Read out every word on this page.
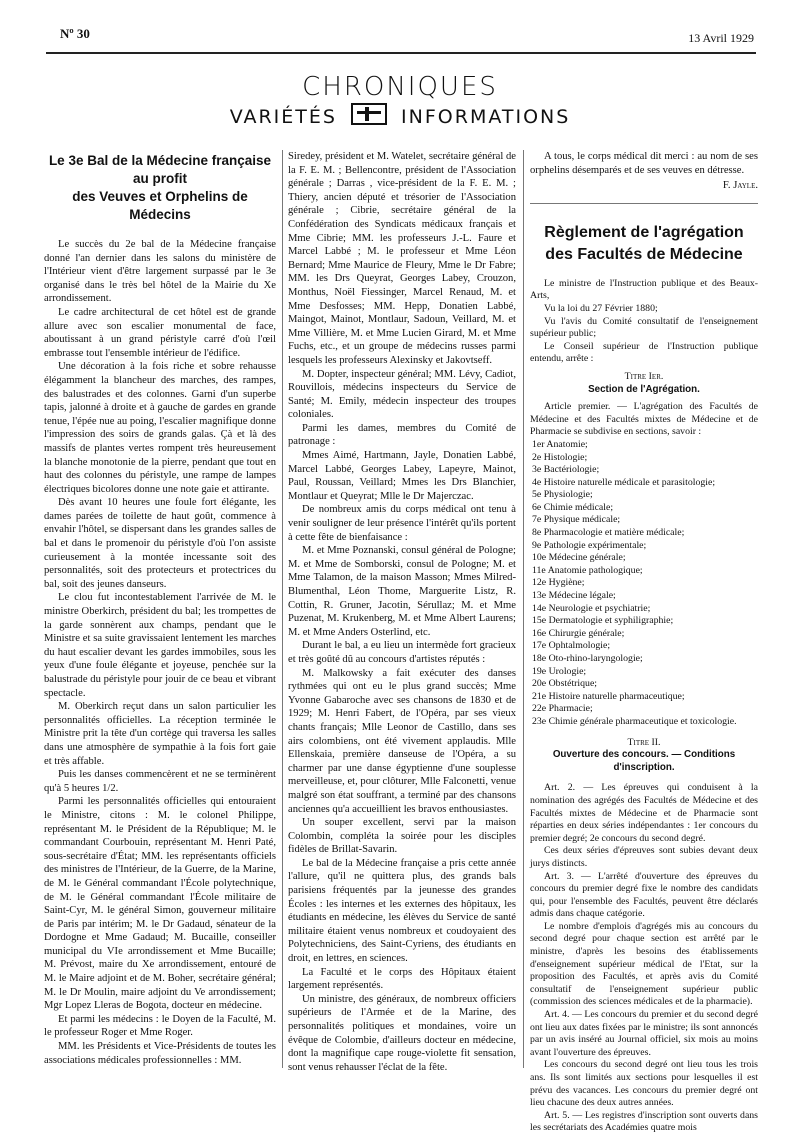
Nº 30	13 Avril 1929
CHRONIQUES
VARIÉTÉS	INFORMATIONS
Le 3e Bal de la Médecine française
au profit
des Veuves et Orphelins de Médecins

Le succès du 2e bal de la Médecine française donné l'an dernier dans les salons du ministère de l'Intérieur vient d'être largement surpassé par le 3e organisé dans le très bel hôtel de la Mairie du Xe arrondissement.

Le cadre architectural de cet hôtel est de grande allure avec son escalier monumental de face, aboutissant à un grand péristyle carré d'où l'œil embrasse tout l'ensemble intérieur de l'édifice.

Une décoration à la fois riche et sobre rehausse élégamment la blancheur des marches, des rampes, des balustrades et des colonnes. Garni d'un superbe tapis, jalonné à droite et à gauche de gardes en grande tenue, l'épée nue au poing, l'escalier magnifique donne l'impression des soirs de grands galas. Çà et là des massifs de plantes vertes rompent très heureusement la blanche monotonie de la pierre, pendant que tout en haut des colonnes du péristyle, une rampe de lampes électriques bicolores donne une note gaie et attirante.

Dès avant 10 heures une foule fort élégante, les dames parées de toilette de haut goût, commence à envahir l'hôtel, se dispersant dans les grandes salles de bal et dans le promenoir du péristyle d'où l'on assiste curieusement à la montée incessante soit des personnalités, soit des protecteurs et protectrices du bal, soit des jeunes danseurs.

Le clou fut incontestablement l'arrivée de M. le ministre Oberkirch, président du bal; les trompettes de la garde sonnèrent aux champs, pendant que le Ministre et sa suite gravissaient lentement les marches du haut escalier devant les gardes immobiles, sous les yeux d'une foule élégante et joyeuse, penchée sur la balustrade du péristyle pour jouir de ce beau et vibrant spectacle.

M. Oberkirch reçut dans un salon particulier les personnalités officielles. La réception terminée le Ministre prit la tête d'un cortège qui traversa les salles dans une atmosphère de sympathie à la fois fort gaie et très affable.

Puis les danses commencèrent et ne se terminèrent qu'à 5 heures 1/2.

Parmi les personnalités officielles qui entouraient le Ministre, citons : M. le colonel Philippe, représentant M. le Président de la République; M. le commandant Courbouin, représentant M. Henri Paté, sous-secrétaire d'État; MM. les représentants officiels des ministres de l'Intérieur, de la Guerre, de la Marine, de M. le Général commandant l'École polytechnique, de M. le Général commandant l'École militaire de Saint-Cyr, M. le général Simon, gouverneur militaire de Paris par intérim; M. le Dr Gadaud, sénateur de la Dordogne et Mme Gadaud; M. Bucaille, conseiller municipal du VIe arrondissement et Mme Bucaille; M. Prévost, maire du Xe arrondissement, entouré de M. le Maire adjoint et de M. Boher, secrétaire général; M. le Dr Moulin, maire adjoint du Ve arrondissement; Mgr Lopez Lleras de Bogota, docteur en médecine.

Et parmi les médecins : le Doyen de la Faculté, M. le professeur Roger et Mme Roger.

MM. les Présidents et Vice-Présidents de toutes les associations médicales professionnelles : MM.

Siredey, président et M. Watelet, secrétaire général de la F. E. M. ; Bellencontre, président de l'Association générale ; Darras , vice-président de la F. E. M. ; Thiery, ancien député et trésorier de l'Association générale ; Cibrie, secrétaire général de la Confédération des Syndicats médicaux français et Mme Cibrie; MM. les professeurs J.-L. Faure et Marcel Labbé ; M. le professeur et Mme Léon Bernard; Mme Maurice de Fleury, Mme le Dr Fabre; MM. les Drs Queyrat, Georges Labey, Crouzon, Monthus, Noël Fiessinger, Marcel Renaud, M. et Mme Desfosses; MM. Hepp, Donatien Labbé, Maingot, Mainot, Montlaur, Sadoun, Veillard, M. et Mme Villière, M. et Mme Lucien Girard, M. et Mme Fuchs, etc., et un groupe de médecins russes parmi lesquels les professeurs Alexinsky et Jakovtseff.

M. Dopter, inspecteur général; MM. Lévy, Cadiot, Rouvillois, médecins inspecteurs du Service de Santé; M. Emily, médecin inspecteur des troupes coloniales.

Parmi les dames, membres du Comité de patronage :

Mmes Aimé, Hartmann, Jayle, Donatien Labbé, Marcel Labbé, Georges Labey, Lapeyre, Mainot, Paul, Roussan, Veillard; Mmes les Drs Blanchier, Montlaur et Queyrat; Mlle le Dr Majerczac.

De nombreux amis du corps médical ont tenu à venir souligner de leur présence l'intérêt qu'ils portent à cette fête de bienfaisance :

M. et Mme Poznanski, consul général de Pologne; M. et Mme de Somborski, consul de Pologne; M. et Mme Talamon, de la maison Masson; Mmes Milred-Blumenthal, Léon Thome, Marguerite Listz, R. Cottin, R. Gruner, Jacotin, Sérullaz; M. et Mme Puzenat, M. Krukenberg, M. et Mme Albert Laurens; M. et Mme Anders Osterlind, etc.

Durant le bal, a eu lieu un intermède fort gracieux et très goûté dû au concours d'artistes réputés :

M. Malkowsky a fait exécuter des danses rythmées qui ont eu le plus grand succès; Mme Yvonne Gabaroche avec ses chansons de 1830 et de 1929; M. Henri Fabert, de l'Opéra, par ses vieux chants français; Mlle Leonor de Castillo, dans ses airs colombiens, ont été vivement applaudis. Mlle Ellenskaia, première danseuse de l'Opéra, a su charmer par une danse égyptienne d'une souplesse merveilleuse, et, pour clôturer, Mlle Falconetti, venue malgré son état souffrant, a terminé par des chansons anciennes qu'a accueillient les bravos enthousiastes.

Un souper excellent, servi par la maison Colombin, compléta la soirée pour les disciples fidèles de Brillat-Savarin.

Le bal de la Médecine française a pris cette année l'allure, qu'il ne quittera plus, des grands bals parisiens fréquentés par la jeunesse des grandes Écoles : les internes et les externes des hôpitaux, les étudiants en médecine, les élèves du Service de santé militaire étaient venus nombreux et coudoyaient des Polytechniciens, des Saint-Cyriens, des étudiants en droit, en lettres, en sciences.

La Faculté et le corps des Hôpitaux étaient largement représentés.

Un ministre, des généraux, de nombreux officiers supérieurs de l'Armée et de la Marine, des personnalités politiques et mondaines, voire un évêque de Colombie, d'ailleurs docteur en médecine, dont la magnifique cape rouge-violette fit sensation, sont venus rehausser l'éclat de la fête.

A tous, le corps médical dit merci : au nom de ses orphelins désemparés et de ses veuves en détresse.

F. Jayle.
Règlement de l'agrégation
des Facultés de Médecine

Le ministre de l'Instruction publique et des Beaux-Arts,

Vu la loi du 27 Février 1880;

Vu l'avis du Comité consultatif de l'enseignement supérieur public;

Le Conseil supérieur de l'Instruction publique entendu, arrête :

Titre Ier.
Section de l'Agrégation.

Article premier. — L'agrégation des Facultés de Médecine et des Facultés mixtes de Médecine et de Pharmacie se subdivise en sections, savoir :

1er Anatomie;
2e Histologie;
3e Bactériologie;
4e Histoire naturelle médicale et parasitologie;
5e Physiologie;
6e Chimie médicale;
7e Physique médicale;
8e Pharmacologie et matière médicale;
9e Pathologie expérimentale;
10e Médecine générale;
11e Anatomie pathologique;
12e Hygiène;
13e Médecine légale;
14e Neurologie et psychiatrie;
15e Dermatologie et syphiligraphie;
16e Chirurgie générale;
17e Ophtalmologie;
18e Oto-rhino-laryngologie;
19e Urologie;
20e Obstétrique;
21e Histoire naturelle pharmaceutique;
22e Pharmacie;
23e Chimie générale pharmaceutique et toxicologie.
Titre II.
Ouverture des concours. — Conditions d'inscription.

Art. 2. — Les épreuves qui conduisent à la nomination des agrégés des Facultés de Médecine et des Facultés mixtes de Médecine et de Pharmacie sont réparties en deux séries indépendantes : 1er concours du premier degré; 2e concours du second degré.

Ces deux séries d'épreuves sont subies devant deux jurys distincts.

Art. 3. — L'arrêté d'ouverture des épreuves du concours du premier degré fixe le nombre des candidats qui, pour l'ensemble des Facultés, peuvent être déclarés admis dans chaque catégorie.

Le nombre d'emplois d'agrégés mis au concours du second degré pour chaque section est arrêté par le ministre, d'après les besoins des établissements d'enseignement supérieur médical de l'Etat, sur la proposition des Facultés, et après avis du Comité consultatif de l'enseignement supérieur public (commission des sciences médicales et de la pharmacie).

Art. 4. — Les concours du premier et du second degré ont lieu aux dates fixées par le ministre; ils sont annoncés par un avis inséré au Journal officiel, six mois au moins avant l'ouverture des épreuves.

Les concours du second degré ont lieu tous les trois ans. Ils sont limités aux sections pour lesquelles il est prévu des vacances. Les concours du premier degré ont lieu chacune des deux autres années.

Art. 5. — Les registres d'inscription sont ouverts dans les secrétariats des Académies quatre mois
